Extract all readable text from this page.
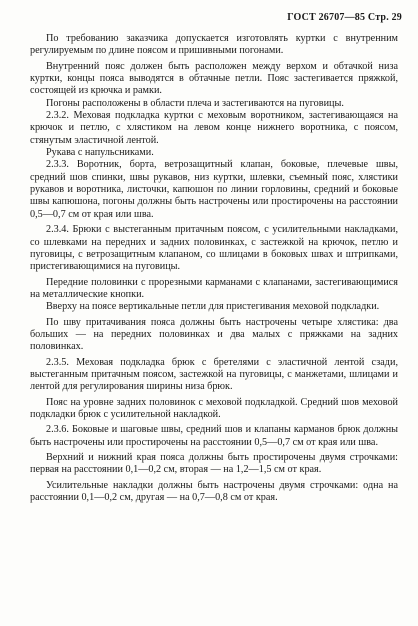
ГОСТ 26707—85 Стр. 29

По требованию заказчика допускается изготовлять куртки с внутренним регулируемым по длине поясом и пришивными погонами.

Внутренний пояс должен быть расположен между верхом и обтачкой низа куртки, концы пояса выводятся в обтачные петли. Пояс застегивается пряжкой, состоящей из крючка и рамки.

Погоны расположены в области плеча и застегиваются на пуговицы.

2.3.2. Меховая подкладка куртки с меховым воротником, застегивающаяся на крючок и петлю, с хлястиком на левом конце нижнего воротника, с поясом, стянутым эластичной лентой.

Рукава с напульсниками.

2.3.3. Воротник, борта, ветрозащитный клапан, боковые, плечевые швы, средний шов спинки, швы рукавов, низ куртки, шлевки, съемный пояс, хлястики рукавов и воротника, листочки, капюшон по линии горловины, средний и боковые швы капюшона, погоны должны быть настрочены или простирочены на расстоянии 0,5—0,7 см от края или шва.

2.3.4. Брюки с выстеганным притачным поясом, с усилительными накладками, со шлевками на передних и задних половинках, с застежкой на крючок, петлю и пуговицы, с ветрозащитным клапаном, со шлицами в боковых швах и штрипками, пристегивающимися на пуговицы.

Передние половинки с прорезными карманами с клапанами, застегивающимися на металлические кнопки.

Вверху на поясе вертикальные петли для пристегивания меховой подкладки.

По шву притачивания пояса должны быть настрочены четыре хлястика: два больших — на передних половинках и два малых с пряжками на задних половинках.

2.3.5. Меховая подкладка брюк с бретелями с эластичной лентой сзади, выстеганным притачным поясом, застежкой на пуговицы, с манжетами, шлицами и лентой для регулирования ширины низа брюк.

Пояс на уровне задних половинок с меховой подкладкой. Средний шов меховой подкладки брюк с усилительной накладкой.

2.3.6. Боковые и шаговые швы, средний шов и клапаны карманов брюк должны быть настрочены или простирочены на расстоянии 0,5—0,7 см от края или шва.

Верхний и нижний края пояса должны быть простирочены двумя строчками: первая на расстоянии 0,1—0,2 см, вторая — на 1,2—1,5 см от края.

Усилительные накладки должны быть настрочены двумя строчками: одна на расстоянии 0,1—0,2 см, другая — на 0,7—0,8 см от края.
